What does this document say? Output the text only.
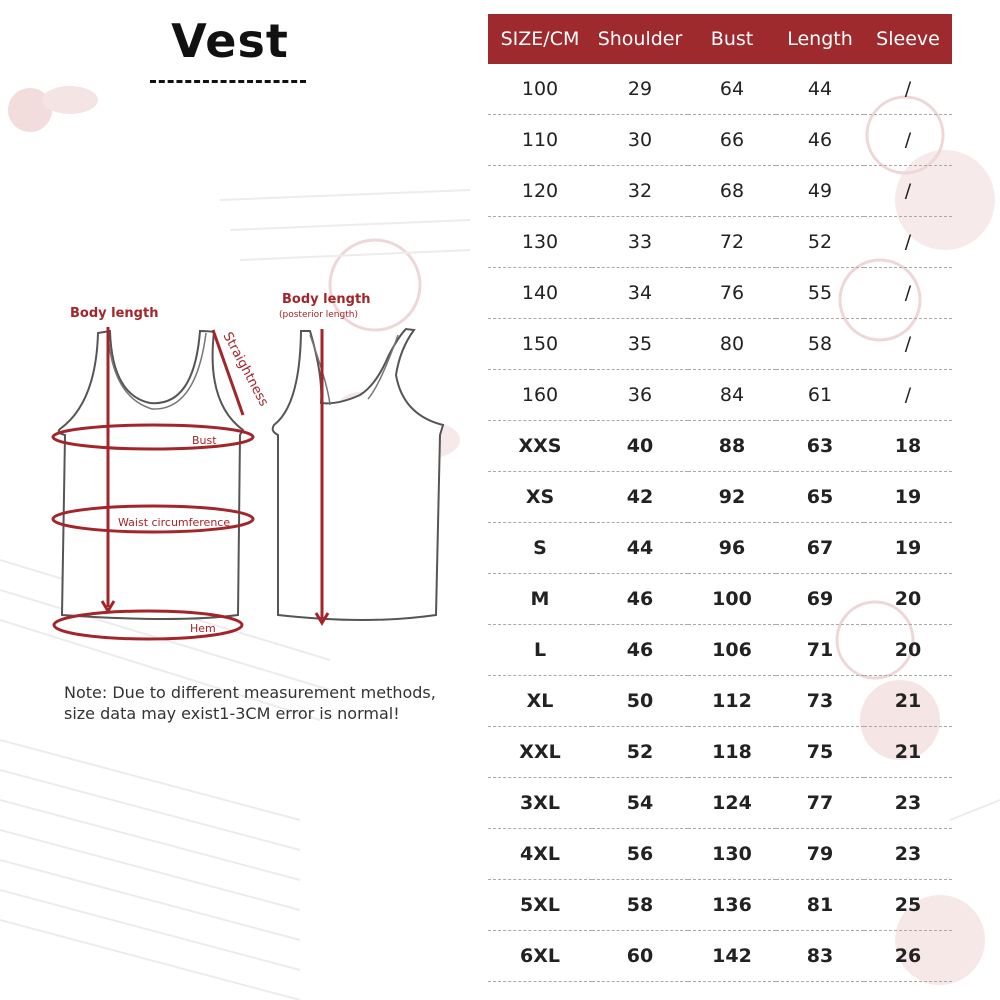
Vest	SIZE/CM	Shoulder	Bust	Length	Sleeve
100	29	64	44	/
110	30	66	46	/
120	32	68	49	/
130	33	72	52	/
140	34	76	55	/
150	35	80	58	/
160	36	84	61	/
XXS	40	88	63	18
XS	42	92	65	19
S	44	96	67	19
M	46	100	69	20
L	46	106	71	20
XL	50	112	73	21
XXL	52	118	75	21
3XL	54	124	77	23
4XL	56	130	79	23
5XL	58	136	81	25
6XL	60	142	83	26
Body length
Straightness
Bust
Waist circumference
Hem
Body length
(posterior length)
Note: Due to different measurement methods,
size data may exist1-3CM error is normal!
